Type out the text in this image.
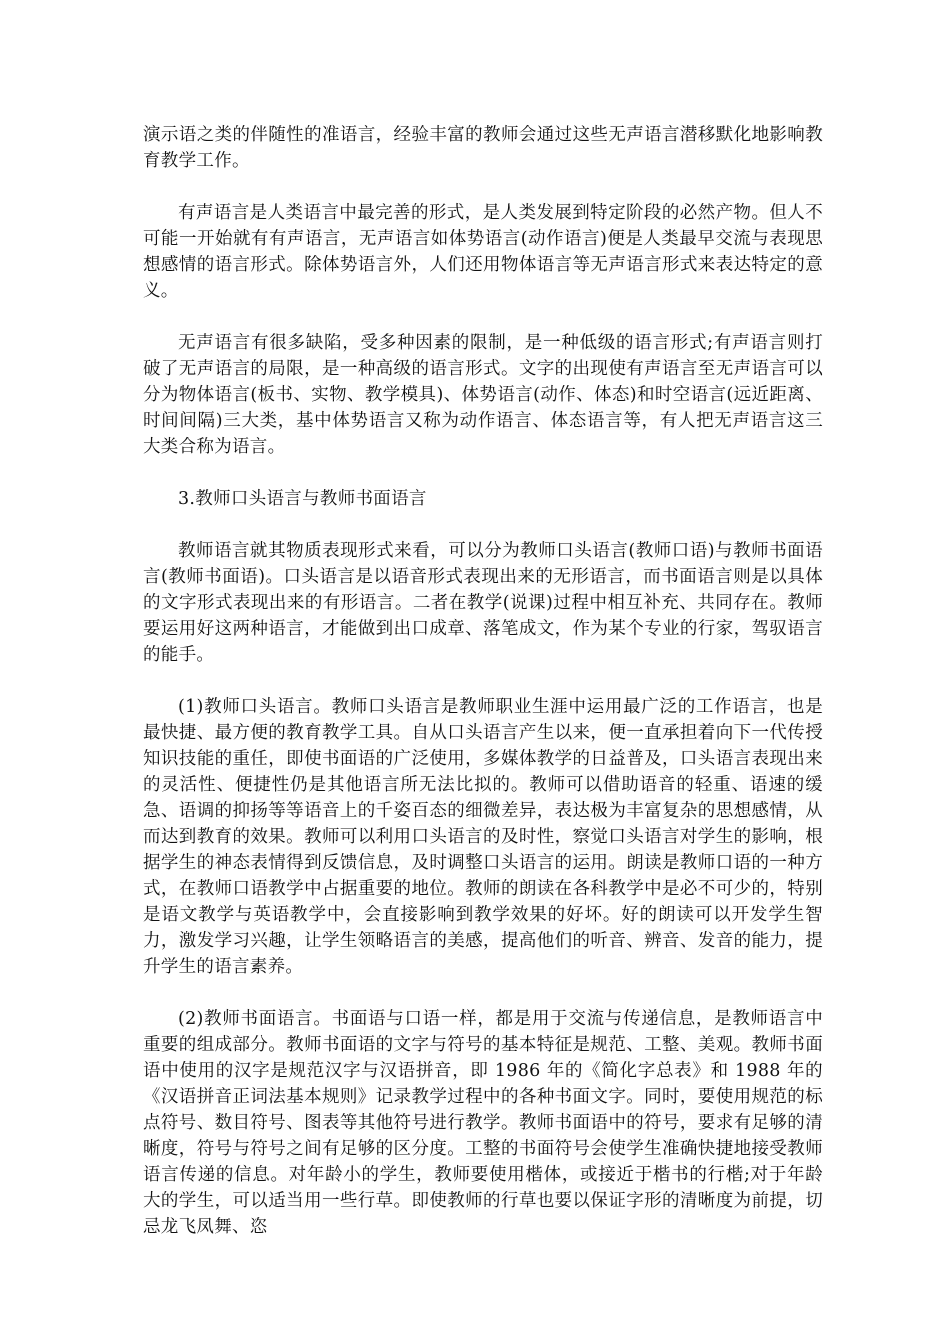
演示语之类的伴随性的准语言，经验丰富的教师会通过这些无声语言潜移默化地影响教育教学工作。

有声语言是人类语言中最完善的形式，是人类发展到特定阶段的必然产物。但人不可能一开始就有有声语言，无声语言如体势语言(动作语言)便是人类最早交流与表现思想感情的语言形式。除体势语言外，人们还用物体语言等无声语言形式来表达特定的意义。

无声语言有很多缺陷，受多种因素的限制，是一种低级的语言形式;有声语言则打破了无声语言的局限，是一种高级的语言形式。文字的出现使有声语言至无声语言可以分为物体语言(板书、实物、教学模具)、体势语言(动作、体态)和时空语言(远近距离、时间间隔)三大类，基中体势语言又称为动作语言、体态语言等，有人把无声语言这三大类合称为语言。

3.教师口头语言与教师书面语言

教师语言就其物质表现形式来看，可以分为教师口头语言(教师口语)与教师书面语言(教师书面语)。口头语言是以语音形式表现出来的无形语言，而书面语言则是以具体的文字形式表现出来的有形语言。二者在教学(说课)过程中相互补充、共同存在。教师要运用好这两种语言，才能做到出口成章、落笔成文，作为某个专业的行家，驾驭语言的能手。

(1)教师口头语言。教师口头语言是教师职业生涯中运用最广泛的工作语言，也是最快捷、最方便的教育教学工具。自从口头语言产生以来，便一直承担着向下一代传授知识技能的重任，即使书面语的广泛使用，多媒体教学的日益普及，口头语言表现出来的灵活性、便捷性仍是其他语言所无法比拟的。教师可以借助语音的轻重、语速的缓急、语调的抑扬等等语音上的千姿百态的细微差异，表达极为丰富复杂的思想感情，从而达到教育的效果。教师可以利用口头语言的及时性，察觉口头语言对学生的影响，根据学生的神态表情得到反馈信息，及时调整口头语言的运用。朗读是教师口语的一种方式，在教师口语教学中占据重要的地位。教师的朗读在各科教学中是必不可少的，特别是语文教学与英语教学中，会直接影响到教学效果的好坏。好的朗读可以开发学生智力，激发学习兴趣，让学生领略语言的美感，提高他们的听音、辨音、发音的能力，提升学生的语言素养。

(2)教师书面语言。书面语与口语一样，都是用于交流与传递信息，是教师语言中重要的组成部分。教师书面语的文字与符号的基本特征是规范、工整、美观。教师书面语中使用的汉字是规范汉字与汉语拼音，即 1986 年的《简化字总表》和 1988 年的《汉语拼音正词法基本规则》记录教学过程中的各种书面文字。同时，要使用规范的标点符号、数目符号、图表等其他符号进行教学。教师书面语中的符号，要求有足够的清晰度，符号与符号之间有足够的区分度。工整的书面符号会使学生准确快捷地接受教师语言传递的信息。对年龄小的学生，教师要使用楷体，或接近于楷书的行楷;对于年龄大的学生，可以适当用一些行草。即使教师的行草也要以保证字形的清晰度为前提，切忌龙飞凤舞、恣
